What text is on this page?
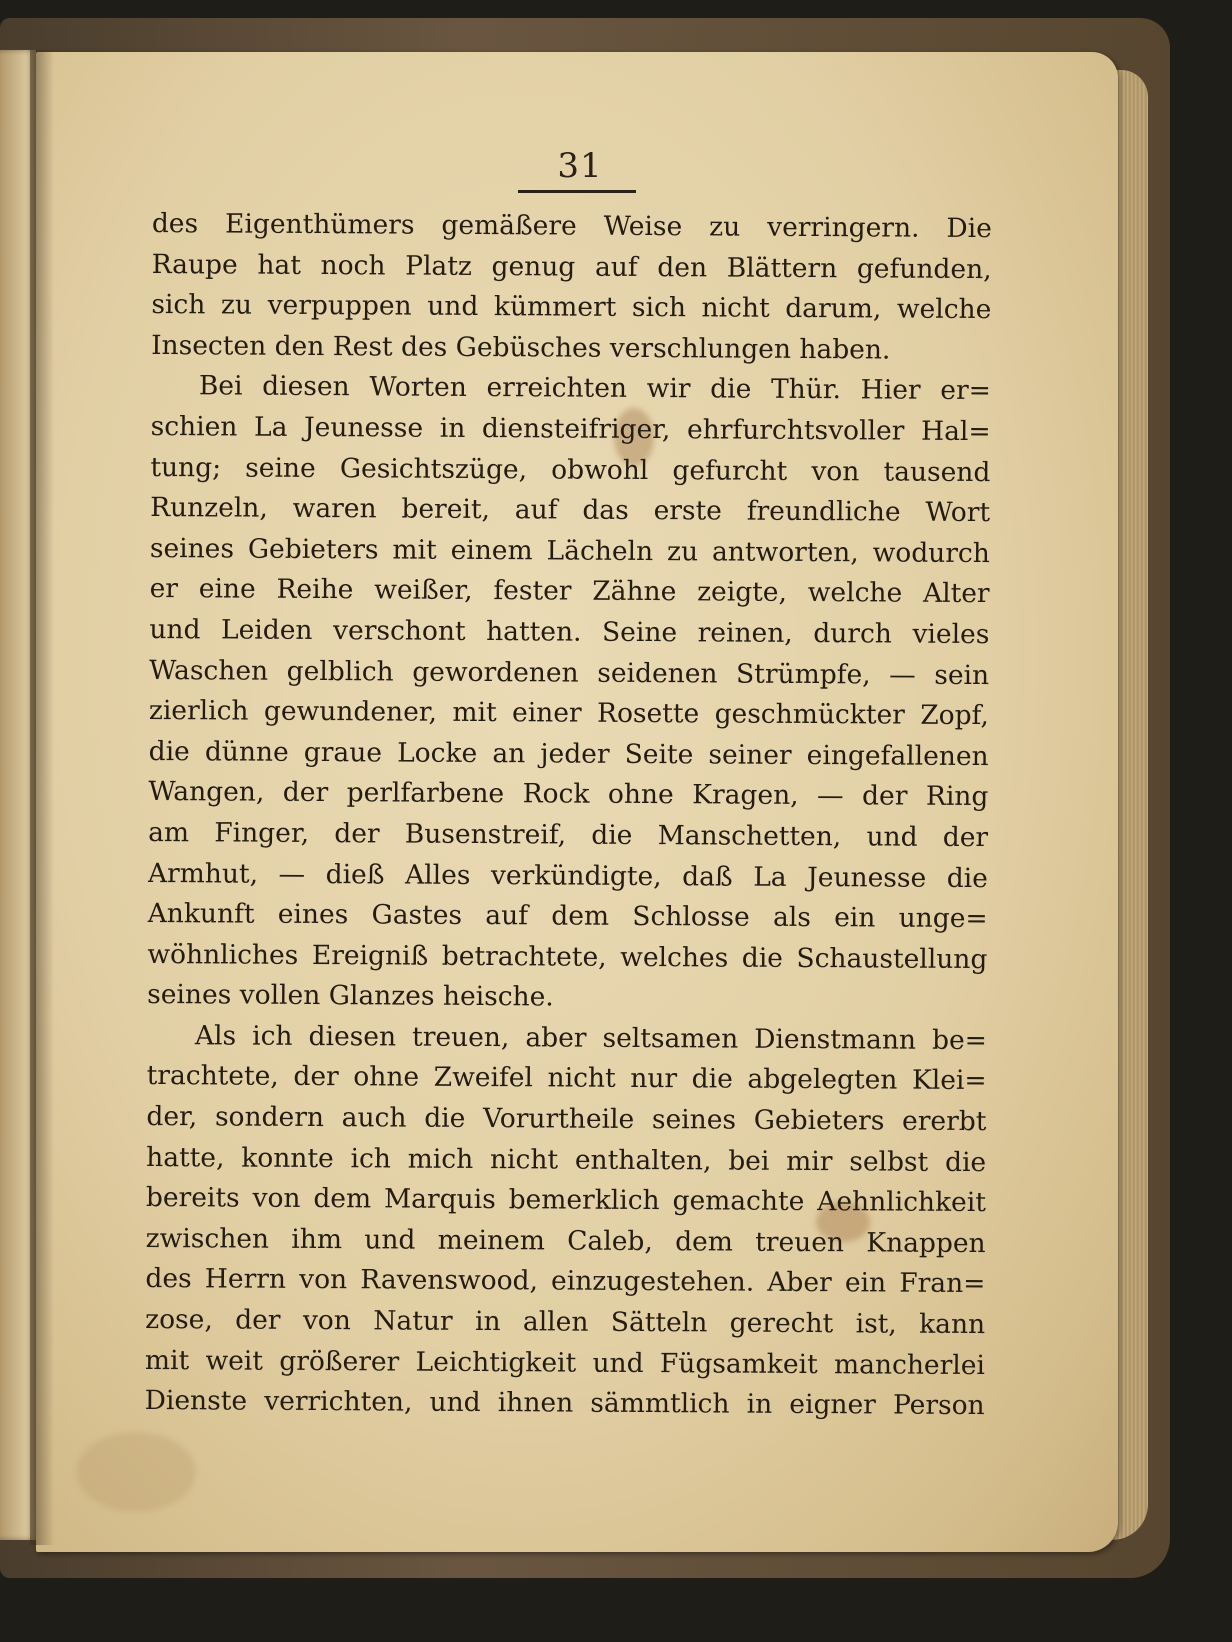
31
des Eigenthümers gemäßere Weise zu verringern. Die
Raupe hat noch Platz genug auf den Blättern gefunden,
sich zu verpuppen und kümmert sich nicht darum, welche
Insecten den Rest des Gebüsches verschlungen haben.
Bei diesen Worten erreichten wir die Thür. Hier er=
schien La Jeunesse in diensteifriger, ehrfurchtsvoller Hal=
tung; seine Gesichtszüge, obwohl gefurcht von tausend
Runzeln, waren bereit, auf das erste freundliche Wort
seines Gebieters mit einem Lächeln zu antworten, wodurch
er eine Reihe weißer, fester Zähne zeigte, welche Alter
und Leiden verschont hatten. Seine reinen, durch vieles
Waschen gelblich gewordenen seidenen Strümpfe, — sein
zierlich gewundener, mit einer Rosette geschmückter Zopf,
die dünne graue Locke an jeder Seite seiner eingefallenen
Wangen, der perlfarbene Rock ohne Kragen, — der Ring
am Finger, der Busenstreif, die Manschetten, und der
Armhut, — dieß Alles verkündigte, daß La Jeunesse die
Ankunft eines Gastes auf dem Schlosse als ein unge=
wöhnliches Ereigniß betrachtete, welches die Schaustellung
seines vollen Glanzes heische.
Als ich diesen treuen, aber seltsamen Dienstmann be=
trachtete, der ohne Zweifel nicht nur die abgelegten Klei=
der, sondern auch die Vorurtheile seines Gebieters ererbt
hatte, konnte ich mich nicht enthalten, bei mir selbst die
bereits von dem Marquis bemerklich gemachte Aehnlichkeit
zwischen ihm und meinem Caleb, dem treuen Knappen
des Herrn von Ravenswood, einzugestehen. Aber ein Fran=
zose, der von Natur in allen Sätteln gerecht ist, kann
mit weit größerer Leichtigkeit und Fügsamkeit mancherlei
Dienste verrichten, und ihnen sämmtlich in eigner Person
